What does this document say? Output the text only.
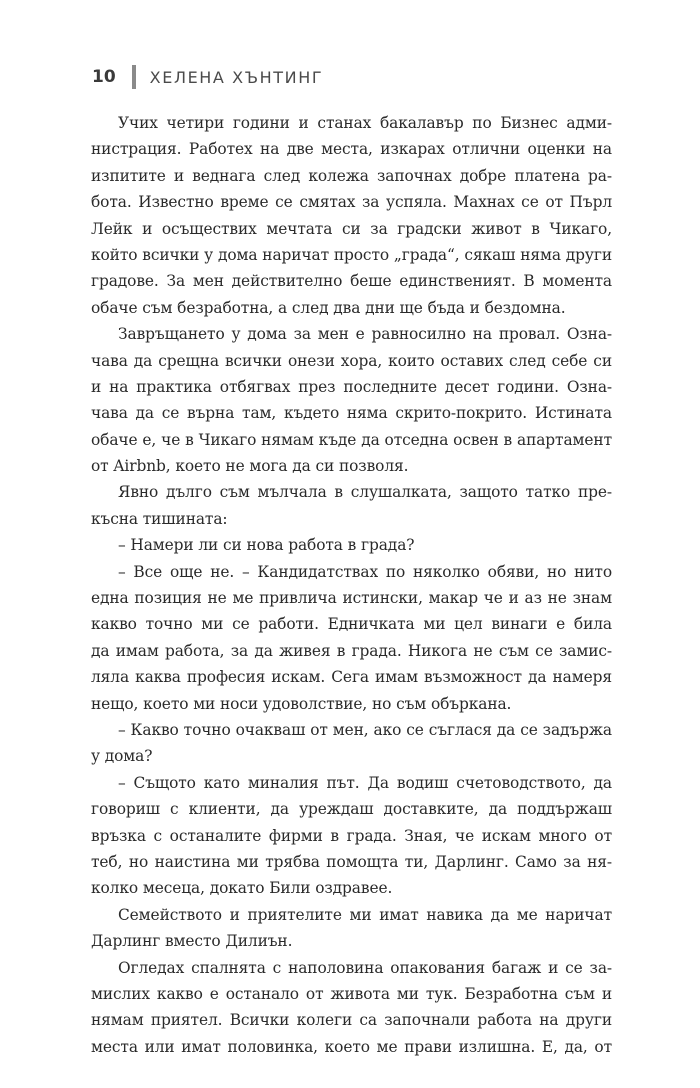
10 ХЕЛЕНА ХЪНТИНГ
Учих четири години и станах бакалавър по Бизнес адми-
нистрация. Работех на две места, изкарах отлични оценки на
изпитите и веднага след колежа започнах добре платена ра-
бота. Известно време се смятах за успяла. Махнах се от Пърл
Лейк и осъществих мечтата си за градски живот в Чикаго,
който всички у дома наричат просто „града“, сякаш няма други
градове. За мен действително беше единственият. В момента
обаче съм безработна, а след два дни ще бъда и бездомна.
Завръщането у дома за мен е равносилно на провал. Озна-
чава да срещна всички онези хора, които оставих след себе си
и на практика отбягвах през последните десет години. Озна-
чава да се върна там, където няма скрито-покрито. Истината
обаче е, че в Чикаго нямам къде да отседна освен в апартамент
от Airbnb, което не мога да си позволя.
Явно дълго съм мълчала в слушалката, защото татко пре-
късна тишината:
– Намери ли си нова работа в града?
– Все още не. – Кандидатствах по няколко обяви, но нито
една позиция не ме привлича истински, макар че и аз не знам
какво точно ми се работи. Едничката ми цел винаги е била
да имам работа, за да живея в града. Никога не съм се замис-
ляла каква професия искам. Сега имам възможност да намеря
нещо, което ми носи удоволствие, но съм объркана.
– Какво точно очакваш от мен, ако се съглася да се задържа
у дома?
– Същото като миналия път. Да водиш счетоводството, да
говориш с клиенти, да уреждаш доставките, да поддържаш
връзка с останалите фирми в града. Зная, че искам много от
теб, но наистина ми трябва помощта ти, Дарлинг. Само за ня-
колко месеца, докато Били оздравее.
Семейството и приятелите ми имат навика да ме наричат
Дарлинг вместо Дилиън.
Огледах спалнята с наполовина опакования багаж и се за-
мислих какво е останало от живота ми тук. Безработна съм и
нямам приятел. Всички колеги са започнали работа на други
места или имат половинка, което ме прави излишна. Е, да, от
